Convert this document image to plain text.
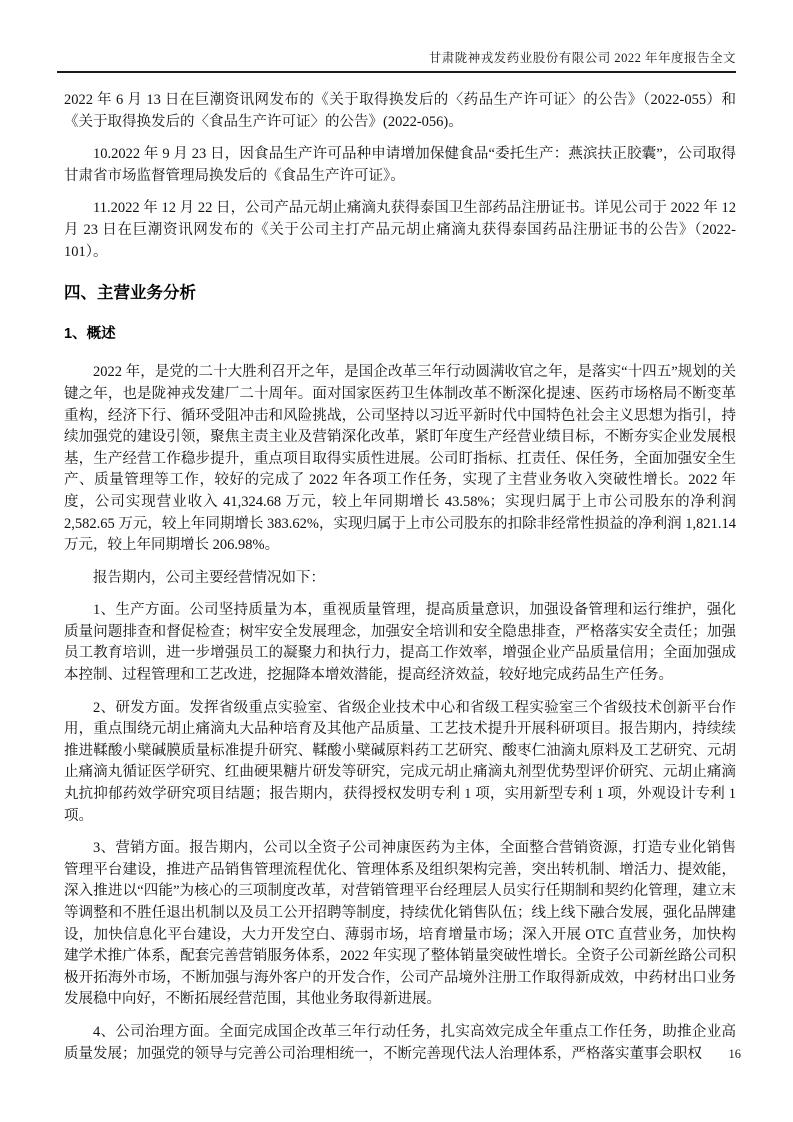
甘肃陇神戎发药业股份有限公司 2022 年年度报告全文

2022 年 6 月 13 日在巨潮资讯网发布的《关于取得换发后的〈药品生产许可证〉的公告》（2022-055）和《关于取得换发后的〈食品生产许可证〉的公告》(2022-056)。

10.2022 年 9 月 23 日，因食品生产许可品种申请增加保健食品“委托生产：燕滨扶正胶囊”，公司取得甘肃省市场监督管理局换发后的《食品生产许可证》。

11.2022 年 12 月 22 日，公司产品元胡止痛滴丸获得泰国卫生部药品注册证书。详见公司于 2022 年 12 月 23 日在巨潮资讯网发布的《关于公司主打产品元胡止痛滴丸获得泰国药品注册证书的公告》（2022-101）。

四、主营业务分析
1、概述

2022 年，是党的二十大胜利召开之年，是国企改革三年行动圆满收官之年，是落实“十四五”规划的关键之年，也是陇神戎发建厂二十周年。面对国家医药卫生体制改革不断深化提速、医药市场格局不断变革重构，经济下行、循环受阻冲击和风险挑战，公司坚持以习近平新时代中国特色社会主义思想为指引，持续加强党的建设引领，聚焦主责主业及营销深化改革，紧盯年度生产经营业绩目标，不断夯实企业发展根基，生产经营工作稳步提升，重点项目取得实质性进展。公司盯指标、扛责任、保任务，全面加强安全生产、质量管理等工作，较好的完成了 2022 年各项工作任务，实现了主营业务收入突破性增长。2022 年度，公司实现营业收入 41,324.68 万元，较上年同期增长 43.58%；实现归属于上市公司股东的净利润 2,582.65 万元，较上年同期增长 383.62%，实现归属于上市公司股东的扣除非经常性损益的净利润 1,821.14 万元，较上年同期增长 206.98%。

报告期内，公司主要经营情况如下：

1、生产方面。公司坚持质量为本，重视质量管理，提高质量意识，加强设备管理和运行维护，强化质量问题排查和督促检查；树牢安全发展理念，加强安全培训和安全隐患排查，严格落实安全责任；加强员工教育培训，进一步增强员工的凝聚力和执行力，提高工作效率，增强企业产品质量信用；全面加强成本控制、过程管理和工艺改进，挖掘降本增效潜能，提高经济效益，较好地完成药品生产任务。

2、研发方面。发挥省级重点实验室、省级企业技术中心和省级工程实验室三个省级技术创新平台作用，重点围绕元胡止痛滴丸大品种培育及其他产品质量、工艺技术提升开展科研项目。报告期内，持续续推进鞣酸小檗碱膜质量标准提升研究、鞣酸小檗碱原料药工艺研究、酸枣仁油滴丸原料及工艺研究、元胡止痛滴丸循证医学研究、红曲硬果糖片研发等研究，完成元胡止痛滴丸剂型优势型评价研究、元胡止痛滴丸抗抑郁药效学研究项目结题；报告期内，获得授权发明专利 1 项，实用新型专利 1 项，外观设计专利 1 项。

3、营销方面。报告期内，公司以全资子公司神康医药为主体，全面整合营销资源，打造专业化销售管理平台建设，推进产品销售管理流程优化、管理体系及组织架构完善，突出转机制、增活力、提效能，深入推进以“四能”为核心的三项制度改革，对营销管理平台经理层人员实行任期制和契约化管理，建立末等调整和不胜任退出机制以及员工公开招聘等制度，持续优化销售队伍；线上线下融合发展，强化品牌建设，加快信息化平台建设，大力开发空白、薄弱市场，培育增量市场；深入开展 OTC 直营业务，加快构建学术推广体系，配套完善营销服务体系，2022 年实现了整体销量突破性增长。全资子公司新丝路公司积极开拓海外市场，不断加强与海外客户的开发合作，公司产品境外注册工作取得新成效，中药材出口业务发展稳中向好，不断拓展经营范围，其他业务取得新进展。

4、公司治理方面。全面完成国企改革三年行动任务，扎实高效完成全年重点工作任务，助推企业高质量发展；加强党的领导与完善公司治理相统一，不断完善现代法人治理体系，严格落实董事会职权	16
